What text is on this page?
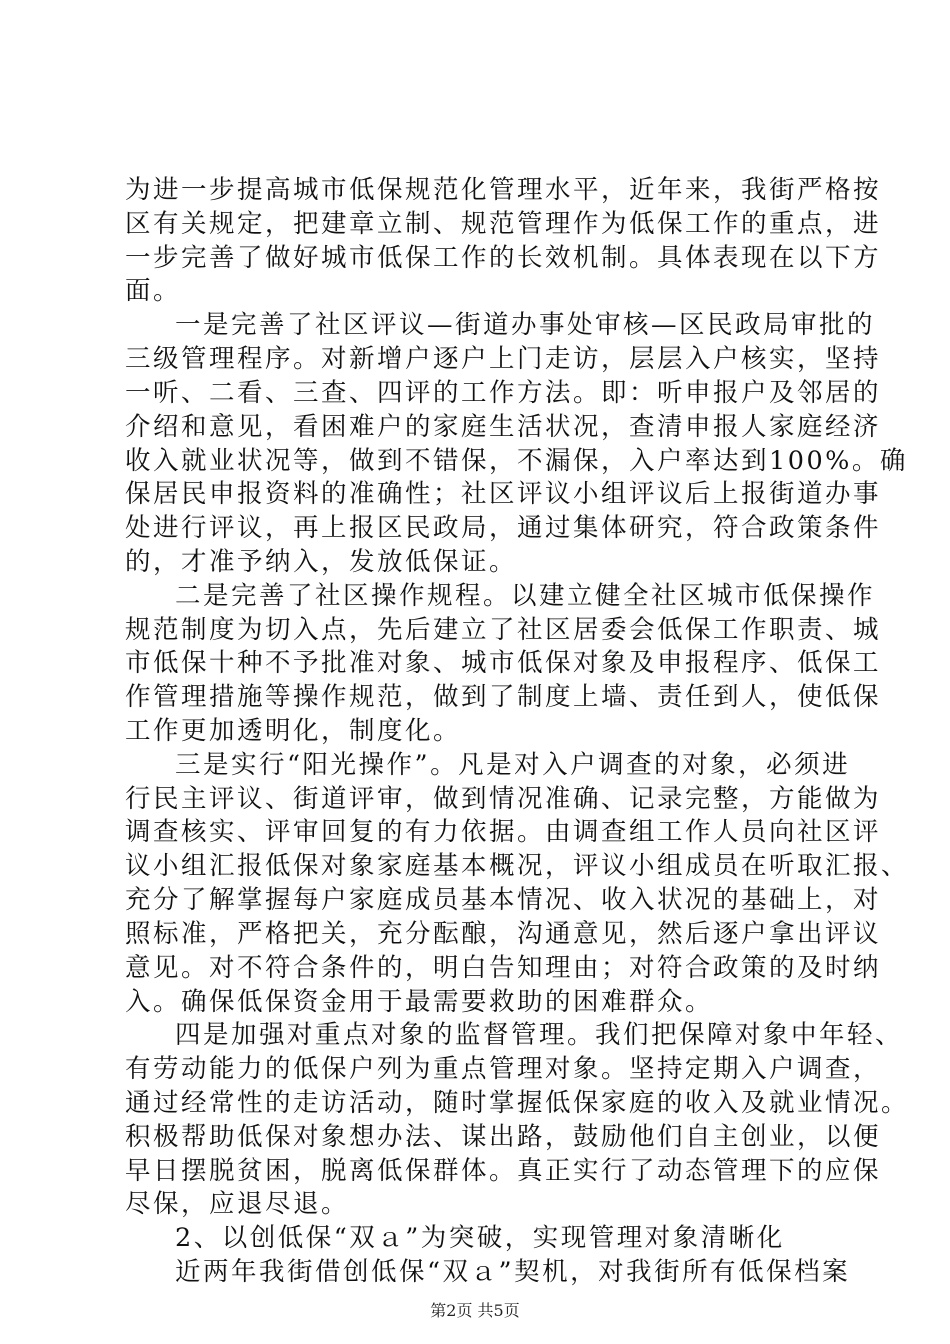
为进一步提高城市低保规范化管理水平，近年来，我街严格按
区有关规定，把建章立制、规范管理作为低保工作的重点，进
一步完善了做好城市低保工作的长效机制。具体表现在以下方
面。
一是完善了社区评议—街道办事处审核—区民政局审批的
三级管理程序。对新增户逐户上门走访，层层入户核实，坚持
一听、二看、三查、四评的工作方法。即：听申报户及邻居的
介绍和意见，看困难户的家庭生活状况，查清申报人家庭经济
收入就业状况等，做到不错保，不漏保，入户率达到100%。确
保居民申报资料的准确性；社区评议小组评议后上报街道办事
处进行评议，再上报区民政局，通过集体研究，符合政策条件
的，才准予纳入，发放低保证。
二是完善了社区操作规程。以建立健全社区城市低保操作
规范制度为切入点，先后建立了社区居委会低保工作职责、城
市低保十种不予批准对象、城市低保对象及申报程序、低保工
作管理措施等操作规范，做到了制度上墙、责任到人，使低保
工作更加透明化，制度化。
三是实行“阳光操作”。凡是对入户调查的对象，必须进
行民主评议、街道评审，做到情况准确、记录完整，方能做为
调查核实、评审回复的有力依据。由调查组工作人员向社区评
议小组汇报低保对象家庭基本概况，评议小组成员在听取汇报、
充分了解掌握每户家庭成员基本情况、收入状况的基础上，对
照标准，严格把关，充分酝酿，沟通意见，然后逐户拿出评议
意见。对不符合条件的，明白告知理由；对符合政策的及时纳
入。确保低保资金用于最需要救助的困难群众。
四是加强对重点对象的监督管理。我们把保障对象中年轻、
有劳动能力的低保户列为重点管理对象。坚持定期入户调查，
通过经常性的走访活动，随时掌握低保家庭的收入及就业情况。
积极帮助低保对象想办法、谋出路，鼓励他们自主创业，以便
早日摆脱贫困，脱离低保群体。真正实行了动态管理下的应保
尽保，应退尽退。
2、以创低保“双ａ”为突破，实现管理对象清晰化
近两年我街借创低保“双ａ”契机，对我街所有低保档案
第2页 共5页
